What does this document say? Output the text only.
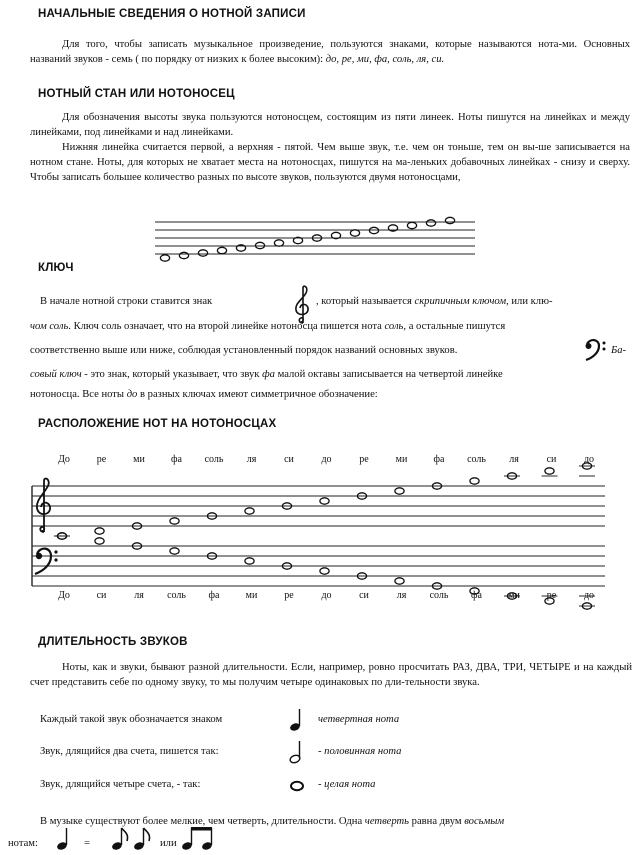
НАЧАЛЬНЫЕ СВЕДЕНИЯ О НОТНОЙ ЗАПИСИ
Для того, чтобы записать музыкальное произведение, пользуются знаками, которые называются нота-ми. Основных названий звуков - семь ( по порядку от низких к более высоким): до, ре, ми, фа, соль, ля, си.
НОТНЫЙ СТАН ИЛИ НОТОНОСЕЦ
Для обозначения высоты звука пользуются нотоносцем, состоящим из пяти линеек. Ноты пишутся на линейках и между линейками, под линейками и над линейками.
Нижняя линейка считается первой, а верхняя - пятой. Чем выше звук, т.е. чем он тоньше, тем он вы-ше записывается на нотном стане. Ноты, для которых не хватает места на нотоносцах, пишутся на ма-леньких добавочных линейках - снизу и сверху. Чтобы записать большее количество разных по высоте звуков, пользуются двумя нотоносцами,
КЛЮЧ
В начале нотной строки ставится знак	, который называется скрипичным ключом, или клю-
чом соль. Ключ соль означает, что на второй линейке нотоносца пишется нота соль, а остальные пишутся
соответственно выше или ниже, соблюдая установленный порядок названий основных звуков.	Ба-
совый ключ - это знак, который указывает, что звук фа малой октавы записывается на четвертой линейке
нотоносца. Все ноты до в разных ключах имеют симметричное обозначение:
РАСПОЛОЖЕНИЕ НОТ НА НОТОНОСЦАХ
До	ре	ми	фа	соль	ля	си	до	ре	ми	фа	соль	ля	си	до
До	си	ля	соль	фа	ми	ре	до	си	ля	соль	фа	ми	ре	до
ДЛИТЕЛЬНОСТЬ ЗВУКОВ
Ноты, как и звуки, бывают разной длительности. Если, например, ровно просчитать РАЗ, ДВА, ТРИ, ЧЕТЫРЕ и на каждый счет представить себе по одному звуку, то мы получим четыре одинаковых по дли-тельности звука.
Каждый такой звук обозначается знаком	четвертная нота
Звук, длящийся два счета, пишется так:	- половинная нота
Звук, длящийся четыре счета, - так:	- целая нота
В музыке существуют более мелкие, чем четверть, длительности. Одна четверть равна двум восьмым
нотам:	=	или
